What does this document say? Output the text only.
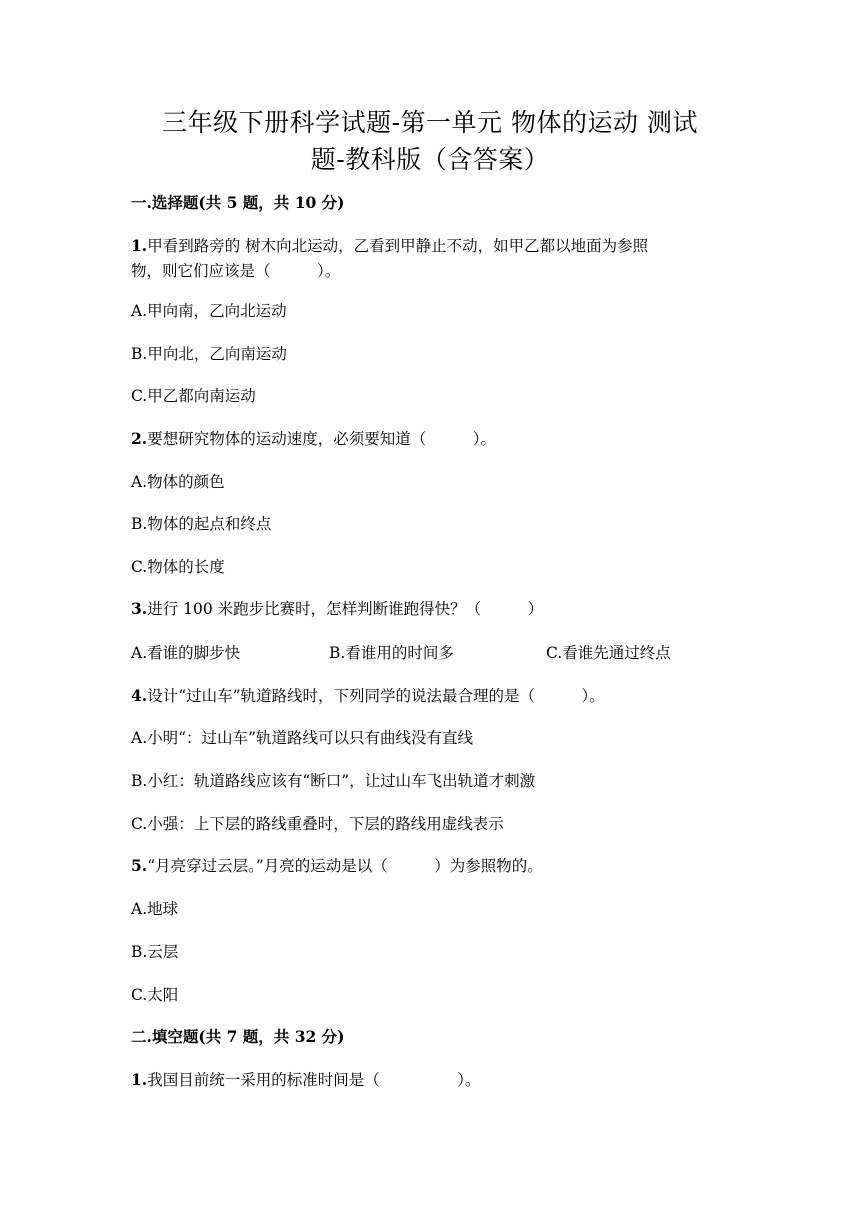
三年级下册科学试题-第一单元 物体的运动 测试
题-教科版（含答案）
一.选择题(共 5 题，共 10 分)
1.甲看到路旁的 树木向北运动，乙看到甲静止不动，如甲乙都以地面为参照
物，则它们应该是（　　　）。
A.甲向南，乙向北运动
B.甲向北，乙向南运动
C.甲乙都向南运动
2.要想研究物体的运动速度，必须要知道（　　　）。
A.物体的颜色
B.物体的起点和终点
C.物体的长度
3.进行 100 米跑步比赛时，怎样判断谁跑得快？（　　　）
A.看谁的脚步快	B.看谁用的时间多	C.看谁先通过终点
4.设计“过山车”轨道路线时，下列同学的说法最合理的是（　　　）。
A.小明“：过山车”轨道路线可以只有曲线没有直线
B.小红：轨道路线应该有“断口”，让过山车飞出轨道才刺激
C.小强：上下层的路线重叠时，下层的路线用虚线表示
5.“月亮穿过云层。”月亮的运动是以（　　　）为参照物的。
A.地球
B.云层
C.太阳
二.填空题(共 7 题，共 32 分)
1.我国目前统一采用的标准时间是（　　　　　）。
